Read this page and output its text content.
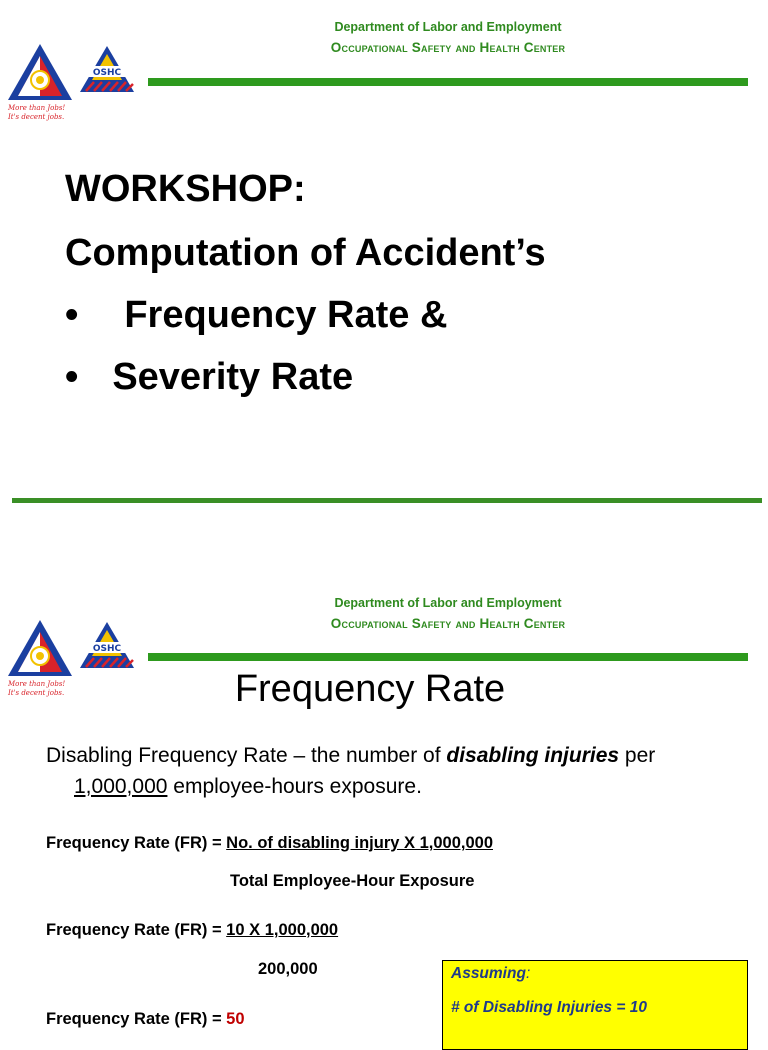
Department of Labor and Employment
Occupational Safety and Health Center
More than Jobs!
It's decent jobs.
OSHC
WORKSHOP:
Computation of Accident’s
• Frequency Rate &
• Severity Rate
Department of Labor and Employment
Occupational Safety and Health Center
More than Jobs!
It's decent jobs.
OSHC
Frequency Rate
Disabling Frequency Rate – the number of disabling injuries per
1,000,000 employee-hours exposure.
Frequency Rate (FR) = No. of disabling injury X 1,000,000
Total Employee-Hour Exposure
Frequency Rate (FR) = 10 X 1,000,000
200,000
Frequency Rate (FR) = 50
Assuming:
# of Disabling Injuries = 10
